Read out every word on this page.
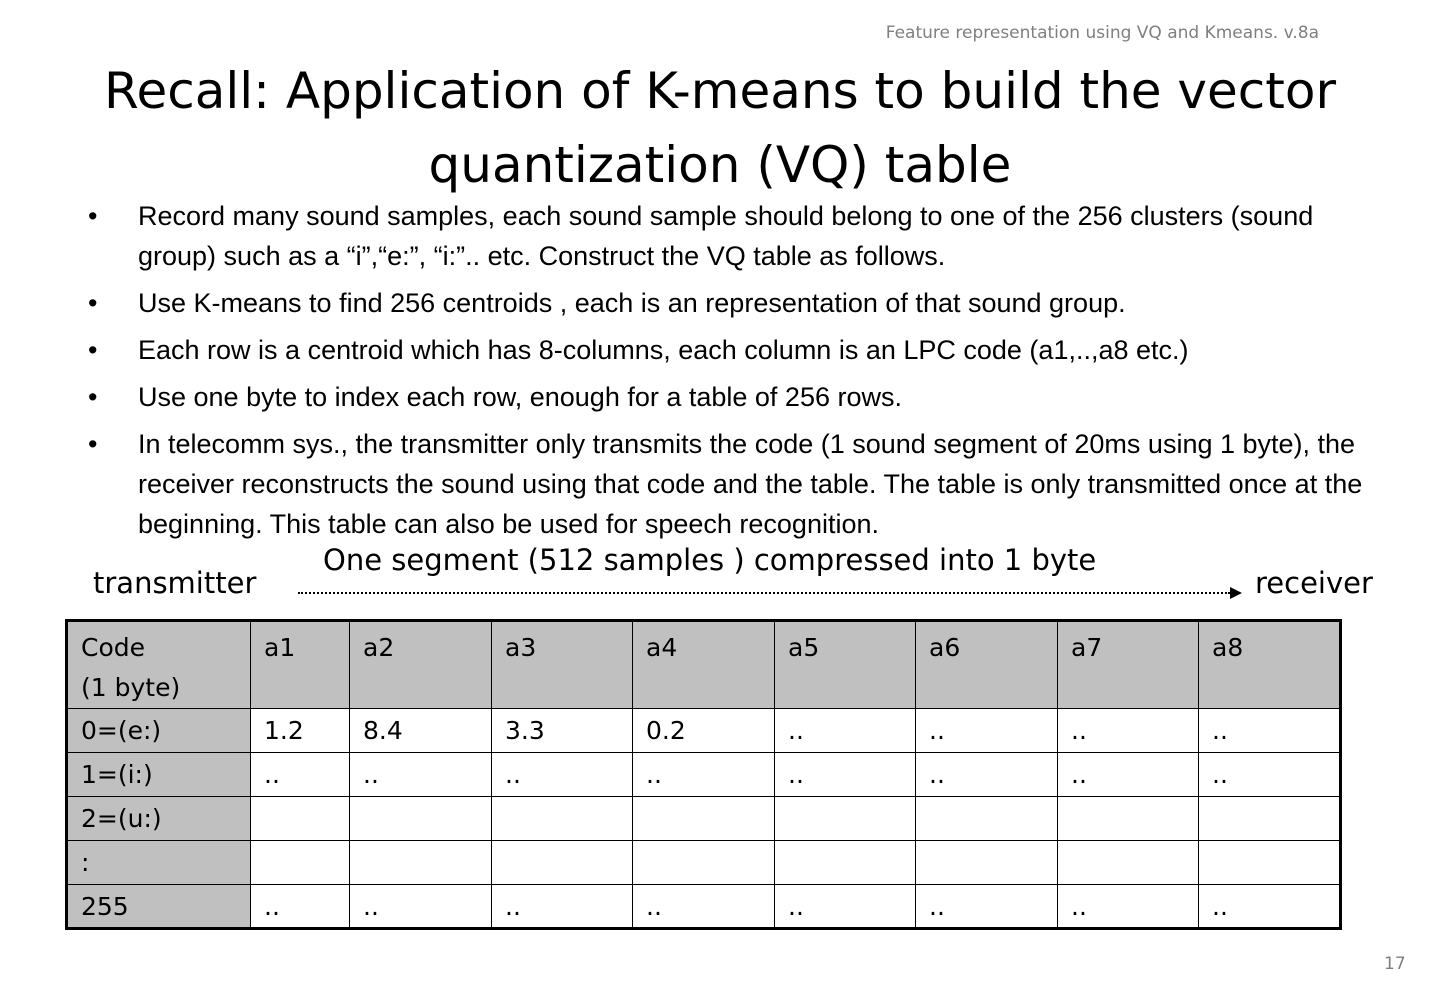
Feature representation using VQ and Kmeans. v.8a
Recall: Application of K-means to build the vector quantization (VQ) table
• Record many sound samples, each sound sample should belong to one of the 256 clusters (sound group) such as a “i”,“e:”, “i:”.. etc. Construct the VQ table as follows.
• Use K-means to find 256 centroids , each is an representation of that sound group.
• Each row is a centroid which has 8-columns, each column is an LPC code (a1,..,a8 etc.)
• Use one byte to index each row, enough for a table of 256 rows.
• In telecomm sys., the transmitter only transmits the code (1 sound segment of 20ms using 1 byte), the receiver reconstructs the sound using that code and the table. The table is only transmitted once at the beginning. This table can also be used for speech recognition.
One segment (512 samples ) compressed into 1 byte
transmitter	receiver
Code
(1 byte)	a1	a2	a3	a4	a5	a6	a7	a8
0=(e:)	1.2	8.4	3.3	0.2	..	..	..	..
1=(i:)	..	..	..	..	..	..	..	..
2=(u:)								
:								
255	..	..	..	..	..	..	..	..
17
